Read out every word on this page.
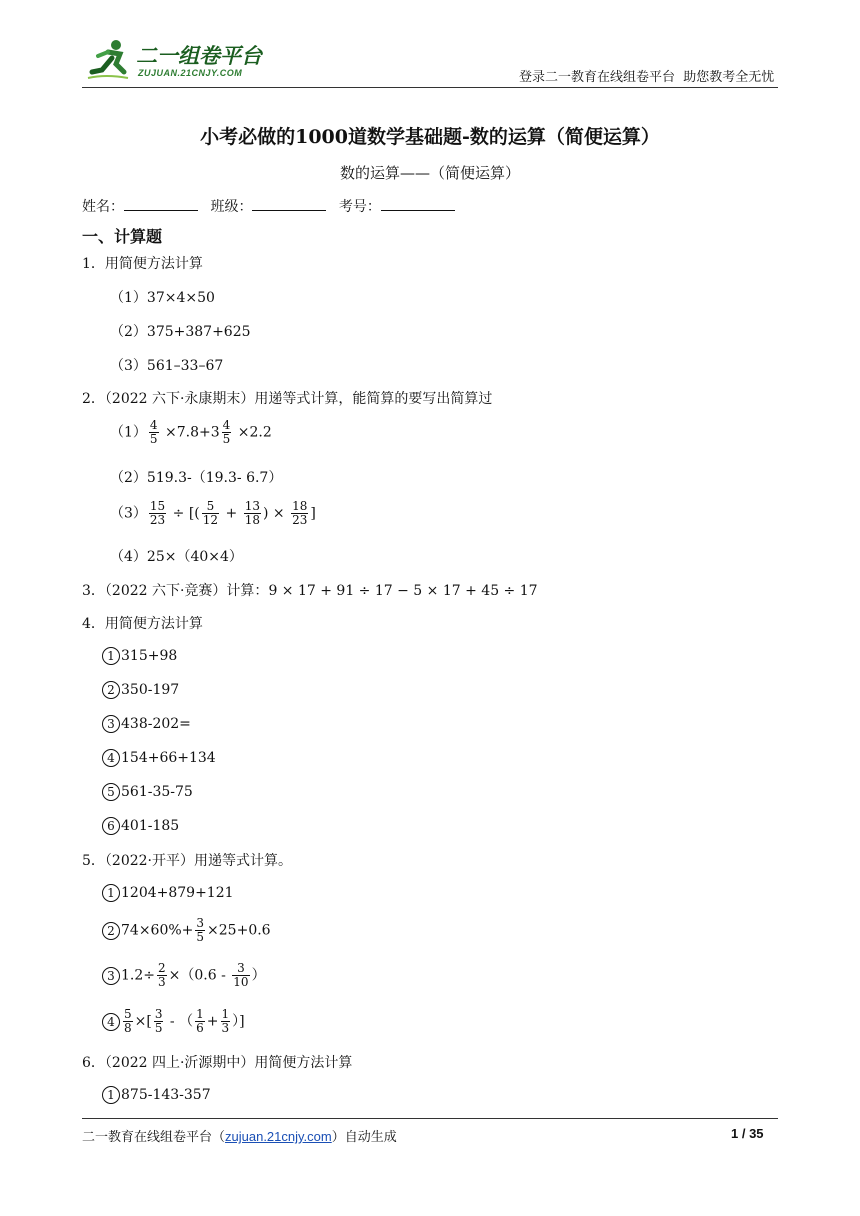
二一组卷平台
ZUJUAN.21CNJY.COM	登录二一教育在线组卷平台  助您教考全无忧
小考必做的1000道数学基础题-数的运算（简便运算）
数的运算——（简便运算）
姓名：	班级：	考号：
一、计算题
1．用简便方法计算
（1）37×4×50
（2）375+387+625
（3）561–33–67
2．（2022 六下·永康期末）用递等式计算，能简算的要写出简算过
$(1) \frac{4}{5} \times 7.8+3 \frac{4}{5} \times 2.2$
（2）519.3-（19.3- 6.7）
$(3) \frac{15}{23}$ ÷ [( $\frac{5}{12} + \frac{13}{18}$ ) × $\frac{18}{23}$ ]
（4）25×（40×4）
3．（2022 六下·竞赛）计算：9 × 17 + 91 ÷ 17 − 5 × 17 + 45 ÷ 17
4．用简便方法计算
1 315+98
2 350-197
3 438-202=
4 154+66+134
5 561-35-75
6 401-185
5．（2022·开平）用递等式计算。
1 1204+879+121
2 $74\times 60\%+ \frac{3}{5} \times 25+0.6$
3 $1.2\div \frac{2}{3} \times(0.6 - \frac{3}{10}$ ）
$4 \frac{5}{8}$ ×[ $\frac{3}{5}$ - （ $\frac{1}{6} + \frac{1}{3}$ ）]
6．（2022 四上·沂源期中）用简便方法计算
1 875-143-357
二一教育在线组卷平台（zujuan.21cnjy.com）自动生成	1 / 35
